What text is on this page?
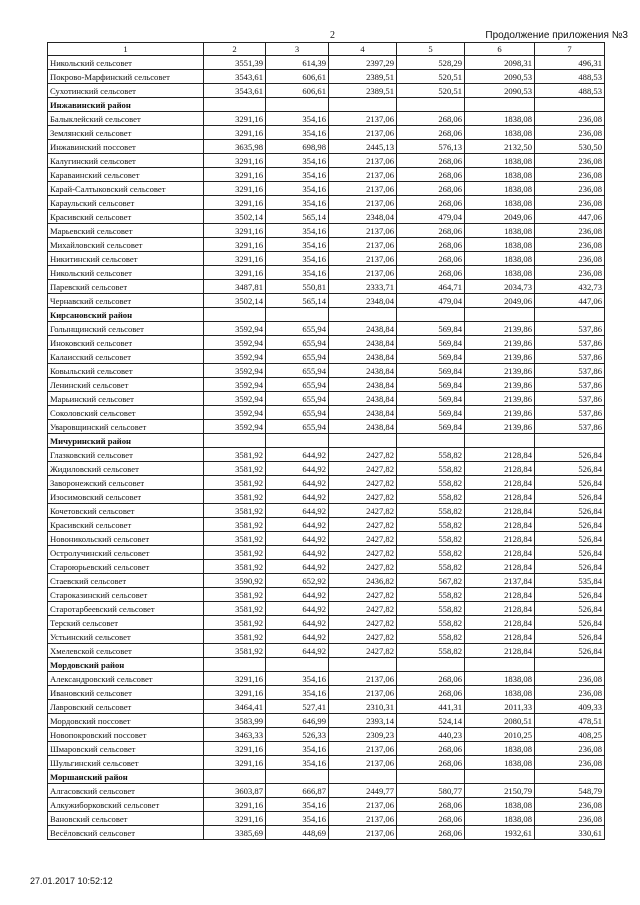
2	Продолжение приложения №3
1	2	3	4	5	6	7
Никольский сельсовет	3551,39	614,39	2397,29	528,29	2098,31	496,31
Покрово-Марфинский сельсовет	3543,61	606,61	2389,51	520,51	2090,53	488,53
Сухотинский сельсовет	3543,61	606,61	2389,51	520,51	2090,53	488,53
Инжавинский район						
Балыклейский сельсовет	3291,16	354,16	2137,06	268,06	1838,08	236,08
Землянский сельсовет	3291,16	354,16	2137,06	268,06	1838,08	236,08
Инжавинский поссовет	3635,98	698,98	2445,13	576,13	2132,50	530,50
Калугинский сельсовет	3291,16	354,16	2137,06	268,06	1838,08	236,08
Караваинский сельсовет	3291,16	354,16	2137,06	268,06	1838,08	236,08
Карай-Салтыковский сельсовет	3291,16	354,16	2137,06	268,06	1838,08	236,08
Караульский сельсовет	3291,16	354,16	2137,06	268,06	1838,08	236,08
Красивский сельсовет	3502,14	565,14	2348,04	479,04	2049,06	447,06
Марьевский сельсовет	3291,16	354,16	2137,06	268,06	1838,08	236,08
Михайловский сельсовет	3291,16	354,16	2137,06	268,06	1838,08	236,08
Никитинский сельсовет	3291,16	354,16	2137,06	268,06	1838,08	236,08
Никольский сельсовет	3291,16	354,16	2137,06	268,06	1838,08	236,08
Паревский сельсовет	3487,81	550,81	2333,71	464,71	2034,73	432,73
Чернавский сельсовет	3502,14	565,14	2348,04	479,04	2049,06	447,06
Кирсановский район						
Голынщинский сельсовет	3592,94	655,94	2438,84	569,84	2139,86	537,86
Иноковский сельсовет	3592,94	655,94	2438,84	569,84	2139,86	537,86
Калаисский сельсовет	3592,94	655,94	2438,84	569,84	2139,86	537,86
Ковыльский сельсовет	3592,94	655,94	2438,84	569,84	2139,86	537,86
Ленинский сельсовет	3592,94	655,94	2438,84	569,84	2139,86	537,86
Марьинский сельсовет	3592,94	655,94	2438,84	569,84	2139,86	537,86
Соколовский сельсовет	3592,94	655,94	2438,84	569,84	2139,86	537,86
Уваровщинский сельсовет	3592,94	655,94	2438,84	569,84	2139,86	537,86
Мичуринский район						
Глазковский сельсовет	3581,92	644,92	2427,82	558,82	2128,84	526,84
Жидиловский сельсовет	3581,92	644,92	2427,82	558,82	2128,84	526,84
Заворонежский сельсовет	3581,92	644,92	2427,82	558,82	2128,84	526,84
Изосимовский сельсовет	3581,92	644,92	2427,82	558,82	2128,84	526,84
Кочетовский сельсовет	3581,92	644,92	2427,82	558,82	2128,84	526,84
Красивский сельсовет	3581,92	644,92	2427,82	558,82	2128,84	526,84
Новоникольский сельсовет	3581,92	644,92	2427,82	558,82	2128,84	526,84
Остролучинский сельсовет	3581,92	644,92	2427,82	558,82	2128,84	526,84
Староюрьевский сельсовет	3581,92	644,92	2427,82	558,82	2128,84	526,84
Стаевский сельсовет	3590,92	652,92	2436,82	567,82	2137,84	535,84
Староказинский сельсовет	3581,92	644,92	2427,82	558,82	2128,84	526,84
Старотарбеевский сельсовет	3581,92	644,92	2427,82	558,82	2128,84	526,84
Терский сельсовет	3581,92	644,92	2427,82	558,82	2128,84	526,84
Устьинский сельсовет	3581,92	644,92	2427,82	558,82	2128,84	526,84
Хмелевской сельсовет	3581,92	644,92	2427,82	558,82	2128,84	526,84
Мордовский район						
Александровский сельсовет	3291,16	354,16	2137,06	268,06	1838,08	236,08
Ивановский сельсовет	3291,16	354,16	2137,06	268,06	1838,08	236,08
Лавровский сельсовет	3464,41	527,41	2310,31	441,31	2011,33	409,33
Мордовский поссовет	3583,99	646,99	2393,14	524,14	2080,51	478,51
Новопокровский поссовет	3463,33	526,33	2309,23	440,23	2010,25	408,25
Шмаровский сельсовет	3291,16	354,16	2137,06	268,06	1838,08	236,08
Шульгинский сельсовет	3291,16	354,16	2137,06	268,06	1838,08	236,08
Моршанский район						
Алгасовский сельсовет	3603,87	666,87	2449,77	580,77	2150,79	548,79
Алкужиборковский сельсовет	3291,16	354,16	2137,06	268,06	1838,08	236,08
Вановский сельсовет	3291,16	354,16	2137,06	268,06	1838,08	236,08
Весёловский сельсовет	3385,69	448,69	2137,06	268,06	1932,61	330,61
27.01.2017 10:52:12
